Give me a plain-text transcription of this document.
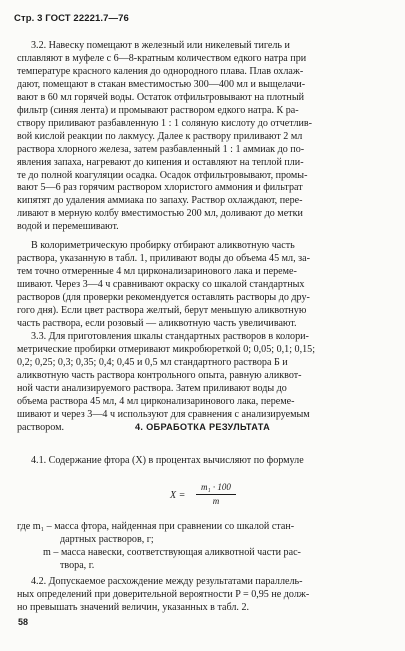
Стр. 3 ГОСТ 22221.7—76
3.2. Навеску помещают в железный или никелевый тигель и
сплавляют в муфеле с 6—8-кратным количеством едкого натра при
температуре красного каления до однородного плава. Плав охлаж-
дают, помещают в стакан вместимостью 300—400 мл и выщелачи-
вают в 60 мл горячей воды. Остаток отфильтровывают на плотный
фильтр (синяя лента) и промывают раствором едкого натра. К ра-
створу приливают разбавленную 1 : 1 соляную кислоту до отчетлив-
вой кислой реакции по лакмусу. Далее к раствору приливают 2 мл
раствора хлорного железа, затем разбавленный 1 : 1 аммиак до по-
явления запаха, нагревают до кипения и оставляют на теплой пли-
те до полной коагуляции осадка. Осадок отфильтровывают, промы-
вают 5—6 раз горячим раствором хлористого аммония и фильтрат
кипятят до удаления аммиака по запаху. Раствор охлаждают, пере-
ливают в мерную колбу вместимостью 200 мл, доливают до метки
водой и перемешивают.
В колориметрическую пробирку отбирают аликвотную часть
раствора, указанную в табл. 1, приливают воды до объема 45 мл, за-
тем точно отмеренные 4 мл цирконализаринового лака и переме-
шивают. Через 3—4 ч сравнивают окраску со шкалой стандартных
растворов (для проверки рекомендуется оставлять растворы до дру-
гого дня). Если цвет раствора желтый, берут меньшую аликвотную
часть раствора, если розовый — аликвотную часть увеличивают.
3.3. Для приготовления шкалы стандартных растворов в колори-
метрические пробирки отмеривают микробюреткой 0; 0,05; 0,1; 0,15;
0,2; 0,25; 0,3; 0,35; 0,4; 0,45 и 0,5 мл стандартного раствора Б и
аликвотную часть раствора контрольного опыта, равную аликвот-
ной части анализируемого раствора. Затем приливают воды до
объема раствора 45 мл, 4 мл цирконализаринового лака, переме-
шивают и через 3—4 ч используют для сравнения с анализируемым
раствором.	4. ОБРАБОТКА РЕЗУЛЬТАТА
4.1. Содержание фтора (X) в процентах вычисляют по формуле
X =
m₁ · 100
m
где m₁ – масса фтора, найденная при сравнении со шкалой стан-
дартных растворов, г;
m – масса навески, соответствующая аликвотной части рас-
твора, г.
4.2. Допускаемое расхождение между результатами параллель-
ных определений при доверительной вероятности P = 0,95 не долж-
но превышать значений величин, указанных в табл. 2.
58
